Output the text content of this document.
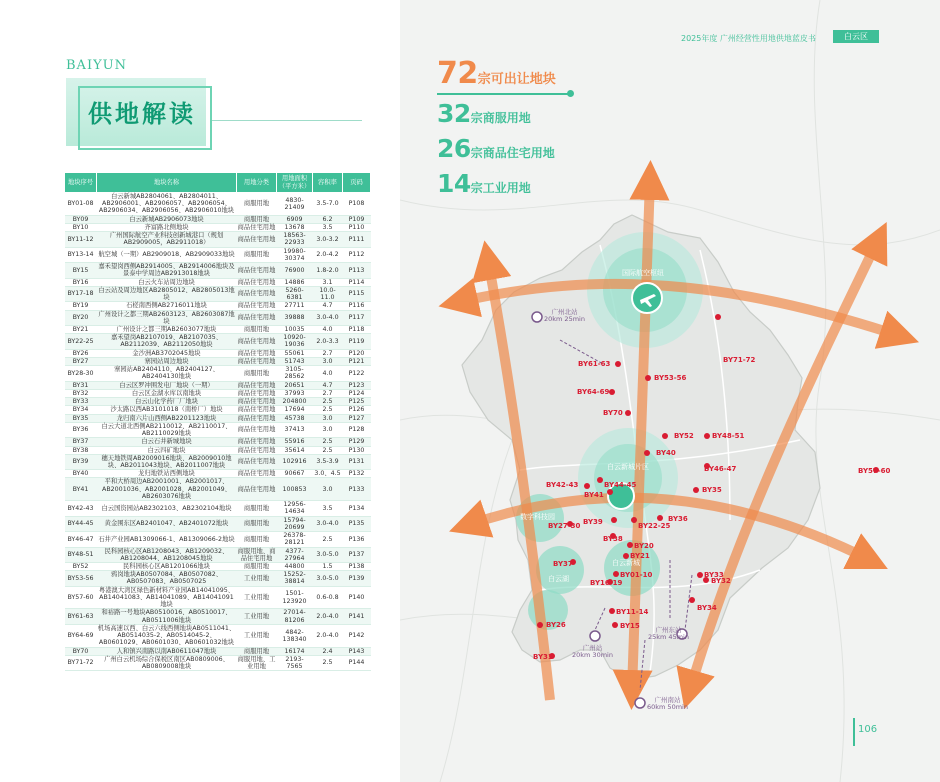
BAIYUN
供地解读
地块序号	地块名称	用地分类	用地面积（平方米）	容积率	页码
BY01-08	白云新城AB2804061、AB2804011、AB2906001、AB2906057、AB2906054、AB2906034、AB2906056、AB2906010地块	商服用地	4830-21409	3.5-7.0	P108
BY09	白云新城AB2906073地块	商服用地	6909	6.2	P109
BY10	齐富路北侧地块	商品住宅用地	13678	3.5	P110
BY11-12	广州国际航空产业科技创新城港口（规划AB2909005，AB2911018）	商品住宅用地	18563-22933	3.0-3.2	P111
BY13-14	航空城（一期）AB2909018、AB2909033地块	商服用地	19980-30374	2.0-4.2	P112
BY15	嘉禾望岗西侧AB2914005、AB2914006地块及景泰中学周边AB2913018地块	商品住宅用地	76900	1.8-2.0	P113
BY16	白云火车站周边地块	商品住宅用地	14886	3.1	P114
BY17-18	白云站及周边地区AB2805012、AB2805013地块	商品住宅用地	5260-6381	10.0-11.0	P115
BY19	石槎南西侧AB2716011地块	商品住宅用地	27711	4.7	P116
BY20	广州设计之都三期AB2603123、AB2603087地块	商品住宅用地	39888	3.0-4.0	P117
BY21	广州设计之都三期AB2603077地块	商服用地	10035	4.0	P118
BY22-25	嘉禾望岗AB2107019、AB2107035、AB2112039、AB2112050地块	商品住宅用地	10920-19036	2.0-3.3	P119
BY26	金沙洲AB3702045地块	商品住宅用地	55061	2.7	P120
BY27	寨园站周边地块	商品住宅用地	51743	3.0	P121
BY28-30	寨园站AB2404110、AB2404127、AB2404130地块	商服用地	3105-28562	4.0	P122
BY31	白云区罗冲围发电厂地块（一期）	商品住宅用地	20651	4.7	P123
BY32	白云区金湖水库以南地块	商品住宅用地	37993	2.7	P124
BY33	白云山化学药厂厂地块	商品住宅用地	204800	2.5	P125
BY34	沙太路以西AB3101018（南桥厂）地块	商品住宅用地	17694	2.5	P126
BY35	龙归南六片山西侧AB2201123地块	商品住宅用地	45738	3.0	P127
BY36	白云大道北西侧AB2110012、AB2110017、AB2110029地块	商品住宅用地	37413	3.0	P128
BY37	白云石井新城地块	商品住宅用地	55916	2.5	P129
BY38	白云四矿地块	商品住宅用地	35614	2.5	P130
BY39	穗天地铁周AB2009016地块、AB2009010地块、AB2011043地块、AB2011007地块	商品住宅用地	102916	3.5-3.9	P131
BY40	龙归地铁站西侧地块	商品住宅用地	90667	3.0、4.5	P132
BY41	平和大桥周边AB2001001、AB2001017、AB2001036、AB2001028、AB2001049、AB2603076地块	商品住宅用地	100853	3.0	P133
BY42-43	白云国资园站AB2302103、AB2302104地块	商服用地	12956-14634	3.5	P134
BY44-45	黄金围东区AB2401047、AB2401072地块	商服用地	15794-20699	3.0-4.0	P135
BY46-47	石井产业园AB1309066-1、AB1309066-2地块	商服用地	26378-28121	2.5	P136
BY48-51	民科园核心区AB1208043、AB1209032、AB1208044、AB1208045地块	商服用地、商品住宅用地	4377-27964	3.0-5.0	P137
BY52	民科园核心区AB1201066地块	商服用地	44800	1.5	P138
BY53-56	鸦岗地块AB0507084、AB0507082、AB0507083、AB0507025	工业用地	15252-38814	3.0-5.0	P139
BY57-60	粤港澳大湾区绿色新材料产业园AB14041095、AB14041083、AB14041089、AB14041091地块	工业用地	1501-123920	0.6-0.8	P140
BY61-63	和裕路一号地块AB0510016、AB0510017、AB0511006地块	工业用地	27014-81206	2.0-4.0	P141
BY64-69	机场高速以西、白云六线西侧地块AB0511041、AB0514035-2、AB0514045-2、AB0601029、AB0601030、AB0601032地块	工业用地	4842-138340	2.0-4.0	P142
BY70	人和镇兴南路以南AB0611047地块	商服用地	16174	2.4	P143
BY71-72	广州白云机场综合保税区南区AB0809006、AB0809008地块	商服用地、工业用地	2193-7565	2.5	P144
2025年度 广州经营性用地供地蓝皮书	白云区
72宗可出让地块
32宗商服用地
26宗商品住宅用地
14宗工业用地
国际航空枢纽
白云新城片区
数字科技园
白云湖
白云新城
BY61-63
BY53-56
BY64-69
BY70
BY71-72
BY40
BY52	BY48-51
BY46-47	BY57-60
BY42-43	BY44-45
BY41
BY35
BY27-30 BY39	BY22-25
BY36
BY38
BY20
BY21
BY37
BY01-10
BY16-19
BY33
BY32
BY34
BY26
BY11-14
BY15
BY31
广州北站
20km 25min
广州站
20km 30min
广州东站
25km 45min
广州南站
60km 50min
106
